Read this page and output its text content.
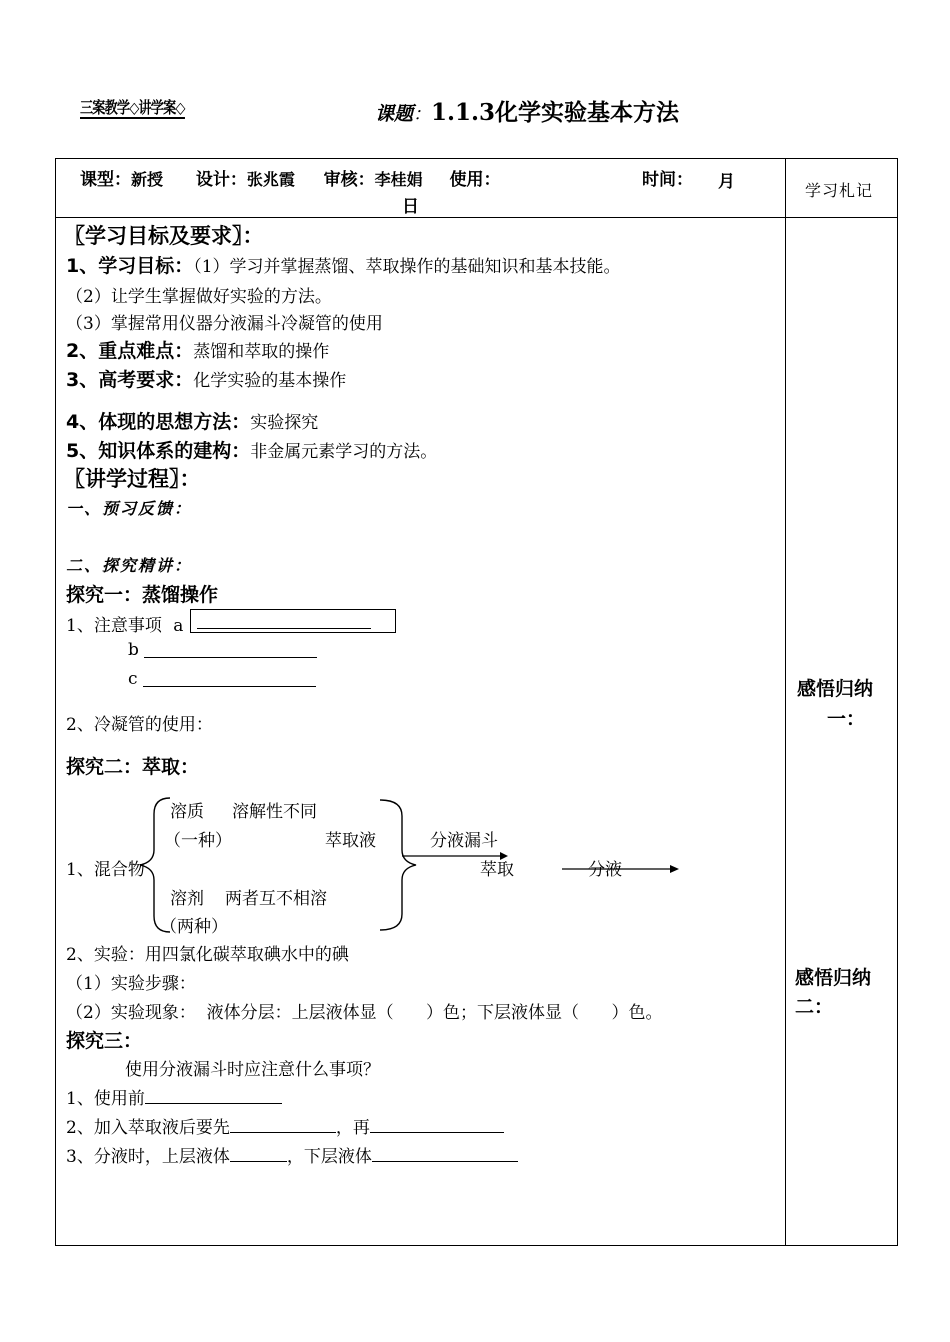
三案教学◇讲学案◇	课题：1.1.3化学实验基本方法
课型：新授 设计：张兆霞 审核：李桂娟 使用：	时间： 月
日
学习札记
〖学习目标及要求〗：
1、学习目标：（1）学习并掌握蒸馏、萃取操作的基础知识和基本技能。
（2）让学生掌握做好实验的方法。
（3）掌握常用仪器分液漏斗冷凝管的使用
2、重点难点：蒸馏和萃取的操作
3、高考要求：化学实验的基本操作
4、体现的思想方法：实验探究
5、知识体系的建构：非金属元素学习的方法。
〖讲学过程〗：
一、预习反馈：
二、探究精讲：
探究一：蒸馏操作
1、注意事项 a
b
c
2、冷凝管的使用：
探究二：萃取：
溶质 溶解性不同
（一种）	萃取液	分液漏斗
1、混合物	萃取	分液
溶剂 两者互不相溶
（两种）
2、实验：用四氯化碳萃取碘水中的碘
（1）实验步骤：
（2）实验现象：  液体分层：上层液体显（      ）色；下层液体显（      ）色。
探究三：
使用分液漏斗时应注意什么事项？
1、使用前
2、加入萃取液后要先	，再
3、分液时，上层液体	，下层液体
感悟归纳
一：
感悟归纳
二：
